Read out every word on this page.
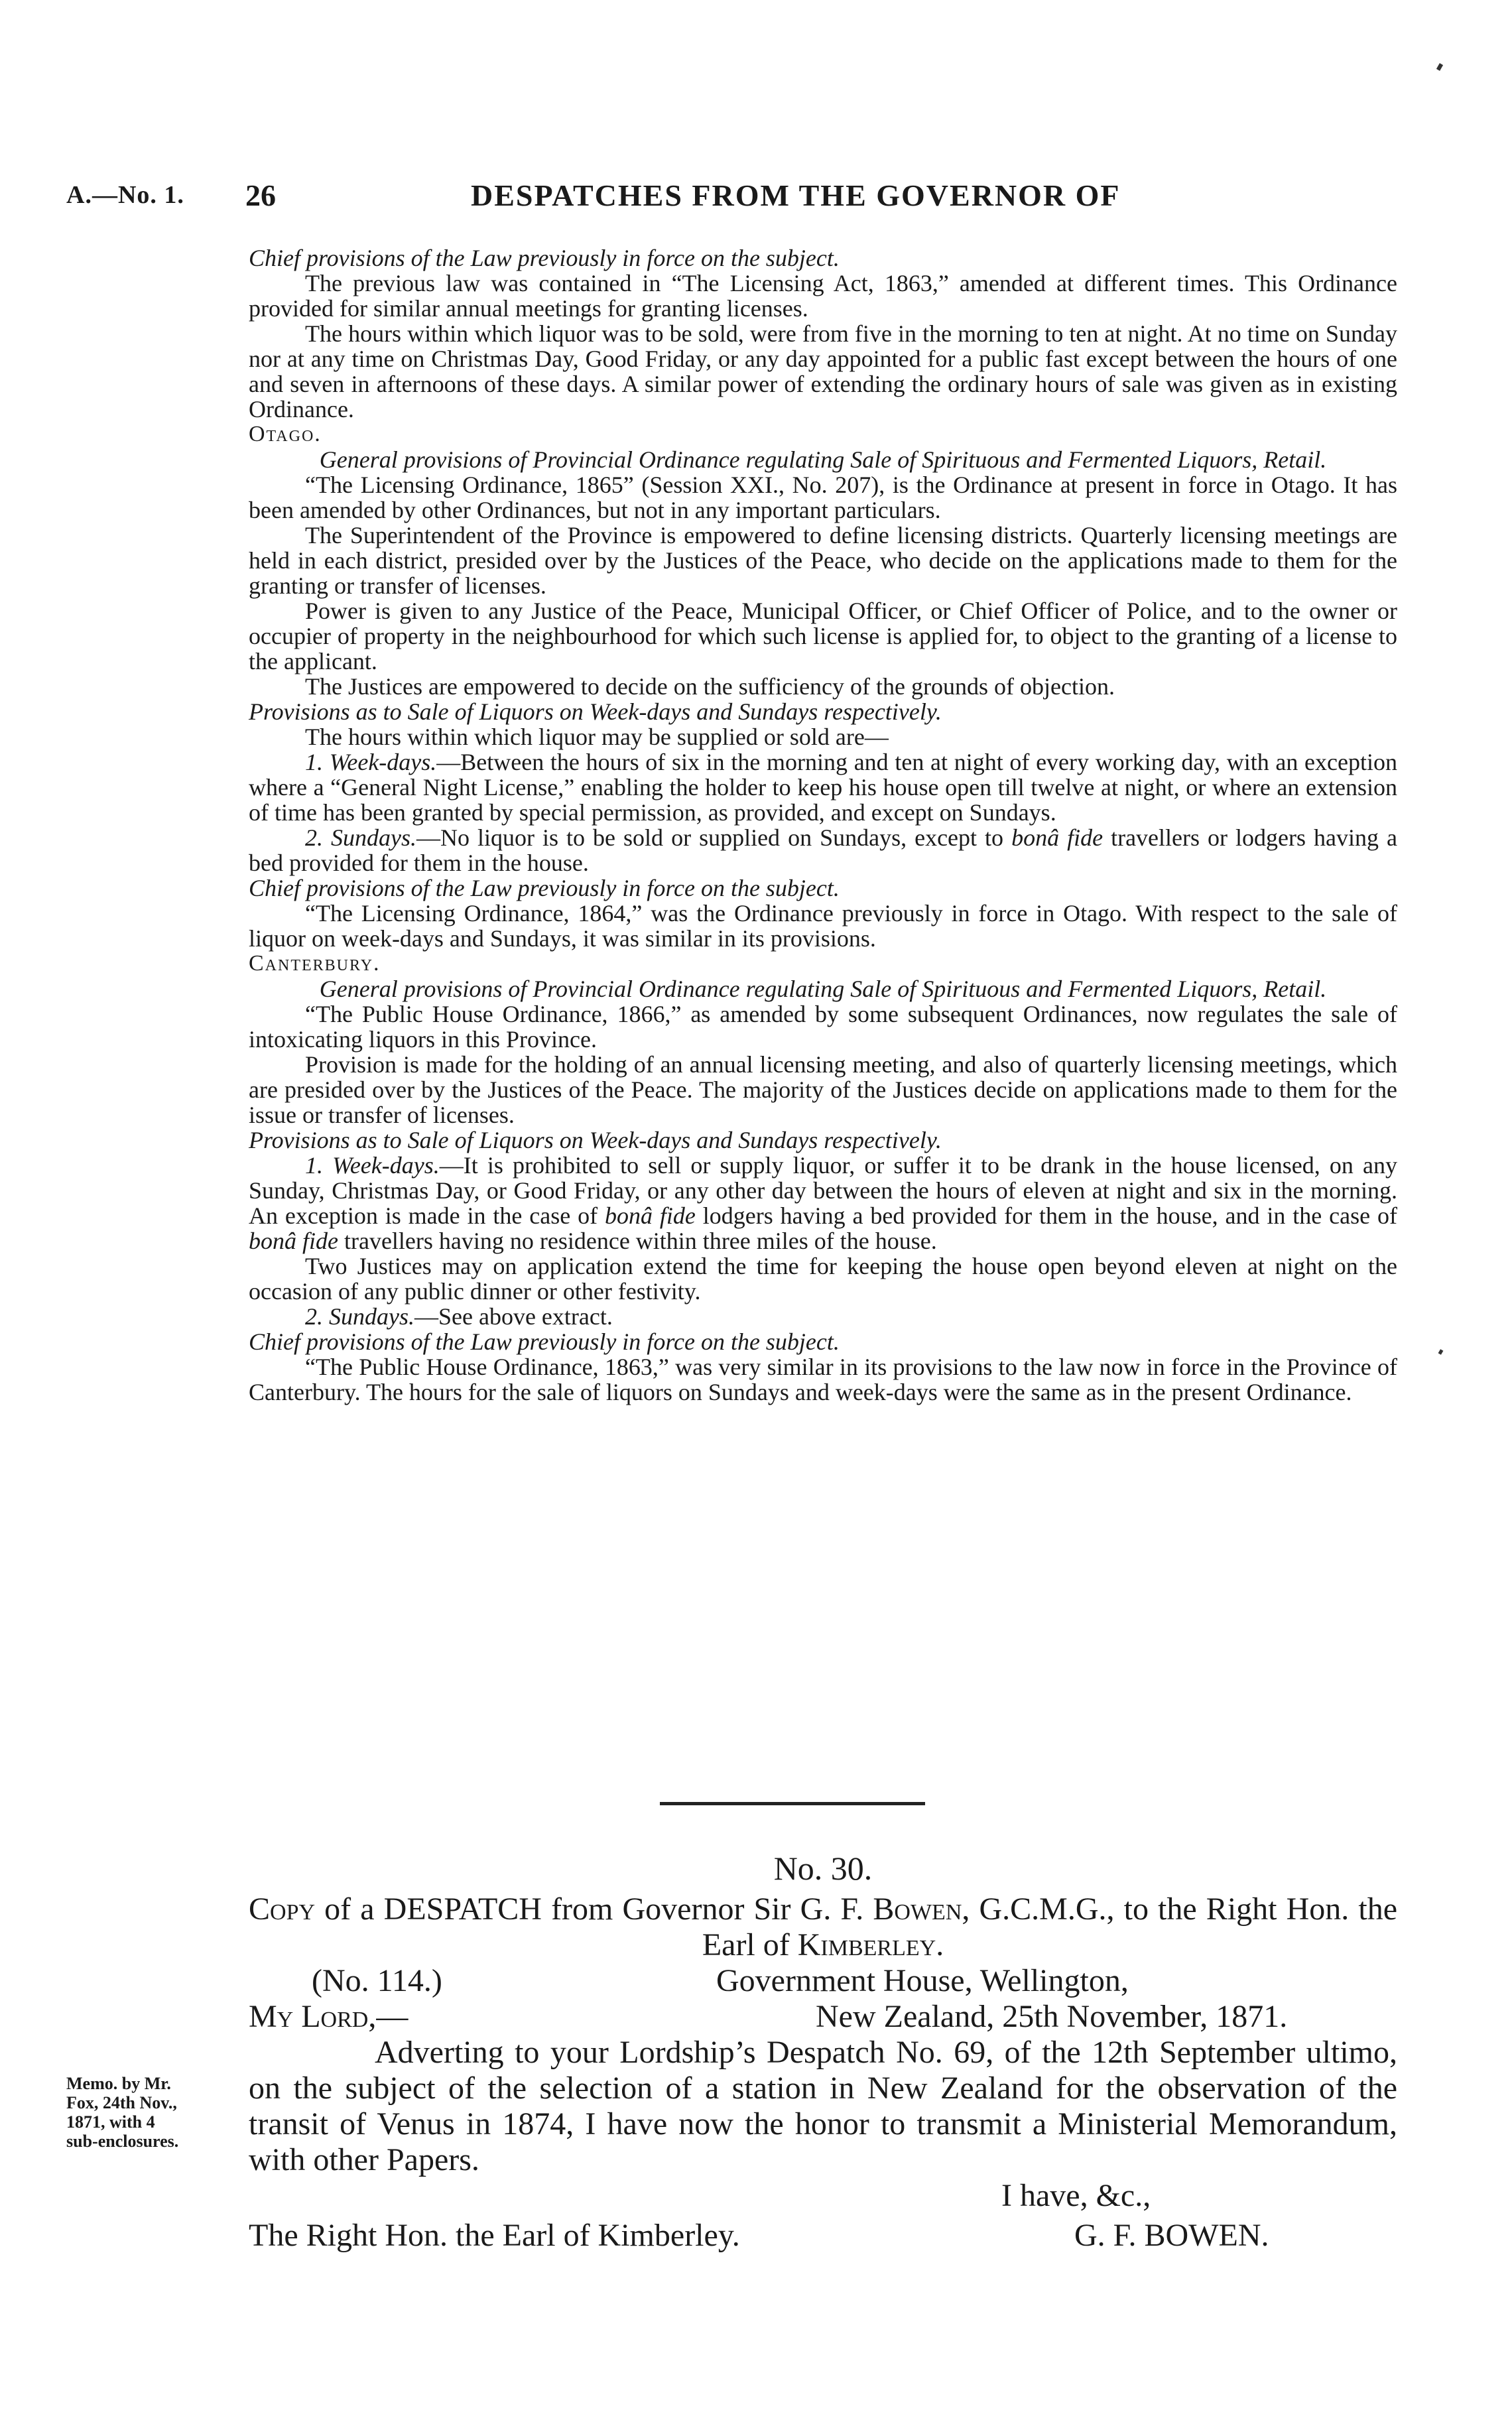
A.—No. 1. 26	DESPATCHES FROM THE GOVERNOR OF

Chief provisions of the Law previously in force on the subject.

The previous law was contained in “The Licensing Act, 1863,” amended at different times. This Ordinance provided for similar annual meetings for granting licenses.

The hours within which liquor was to be sold, were from five in the morning to ten at night. At no time on Sunday nor at any time on Christmas Day, Good Friday, or any day appointed for a public fast except between the hours of one and seven in afternoons of these days. A similar power of extending the ordinary hours of sale was given as in existing Ordinance.

Otago.

General provisions of Provincial Ordinance regulating Sale of Spirituous and Fermented Liquors, Retail.

“The Licensing Ordinance, 1865” (Session XXI., No. 207), is the Ordinance at present in force in Otago. It has been amended by other Ordinances, but not in any important particulars.

The Superintendent of the Province is empowered to define licensing districts. Quarterly licensing meetings are held in each district, presided over by the Justices of the Peace, who decide on the applications made to them for the granting or transfer of licenses.

Power is given to any Justice of the Peace, Municipal Officer, or Chief Officer of Police, and to the owner or occupier of property in the neighbourhood for which such license is applied for, to object to the granting of a license to the applicant.

The Justices are empowered to decide on the sufficiency of the grounds of objection.

Provisions as to Sale of Liquors on Week-days and Sundays respectively.

The hours within which liquor may be supplied or sold are—

1. Week-days.—Between the hours of six in the morning and ten at night of every working day, with an exception where a “General Night License,” enabling the holder to keep his house open till twelve at night, or where an extension of time has been granted by special permission, as provided, and except on Sundays.

2. Sundays.—No liquor is to be sold or supplied on Sundays, except to bonâ fide travellers or lodgers having a bed provided for them in the house.

Chief provisions of the Law previously in force on the subject.

“The Licensing Ordinance, 1864,” was the Ordinance previously in force in Otago. With respect to the sale of liquor on week-days and Sundays, it was similar in its provisions.

Canterbury.

General provisions of Provincial Ordinance regulating Sale of Spirituous and Fermented Liquors, Retail.

“The Public House Ordinance, 1866,” as amended by some subsequent Ordinances, now regulates the sale of intoxicating liquors in this Province.

Provision is made for the holding of an annual licensing meeting, and also of quarterly licensing meetings, which are presided over by the Justices of the Peace. The majority of the Justices decide on applications made to them for the issue or transfer of licenses.

Provisions as to Sale of Liquors on Week-days and Sundays respectively.

1. Week-days.—It is prohibited to sell or supply liquor, or suffer it to be drank in the house licensed, on any Sunday, Christmas Day, or Good Friday, or any other day between the hours of eleven at night and six in the morning. An exception is made in the case of bonâ fide lodgers having a bed provided for them in the house, and in the case of bonâ fide travellers having no residence within three miles of the house.

Two Justices may on application extend the time for keeping the house open beyond eleven at night on the occasion of any public dinner or other festivity.

2. Sundays.—See above extract.

Chief provisions of the Law previously in force on the subject.

“The Public House Ordinance, 1863,” was very similar in its provisions to the law now in force in the Province of Canterbury. The hours for the sale of liquors on Sundays and week-days were the same as in the present Ordinance.

No. 30.

Copy of a DESPATCH from Governor Sir G. F. Bowen, G.C.M.G., to the Right Hon. the Earl of Kimberley.

(No. 114.)	Government House, Wellington,
My Lord,—	New Zealand, 25th November, 1871.

Adverting to your Lordship’s Despatch No. 69, of the 12th September ultimo, on the subject of the selection of a station in New Zealand for the observation of the transit of Venus in 1874, I have now the honor to transmit a Ministerial Memorandum, with other Papers.

I have, &c.,
The Right Hon. the Earl of Kimberley.	G. F. BOWEN.
Memo. by Mr.
Fox, 24th Nov.,
1871, with 4
sub-enclosures.
